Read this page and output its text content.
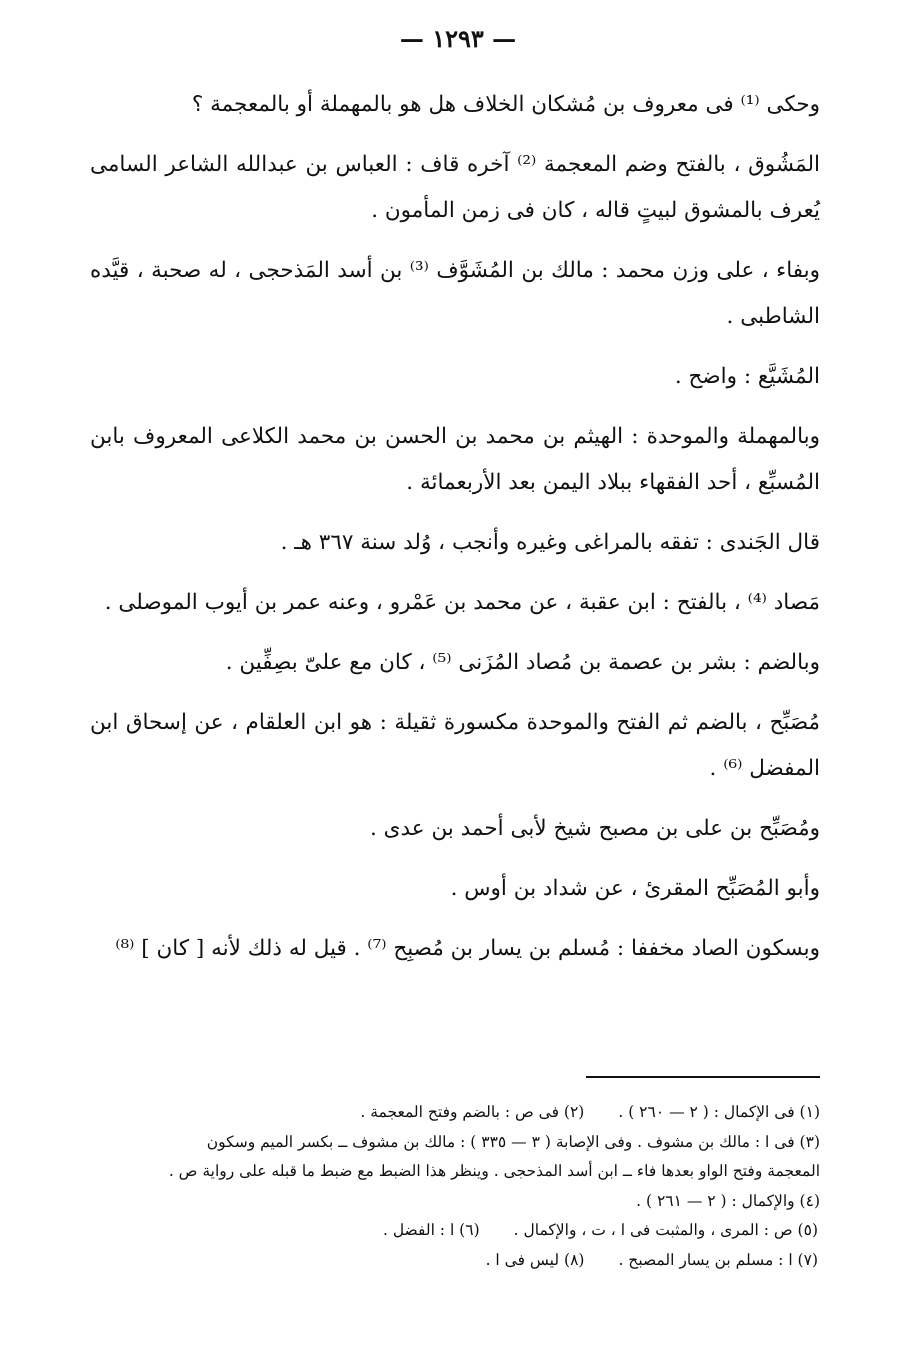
— ١٢٩٣ —

وحكى ⁽¹⁾ فى معروف بن مُشكان الخلاف هل هو بالمهملة أو بالمعجمة ؟

المَشُوق ، بالفتح وضم المعجمة ⁽²⁾ آخره قاف : العباس بن عبدالله الشاعر السامى يُعرف بالمشوق لبيتٍ قاله ، كان فى زمن المأمون .

وبفاء ، على وزن محمد : مالك بن المُشَوَّف ⁽³⁾ بن أسد المَذحجى ، له صحبة ، قيَّده الشاطبى .

المُشَيَّع : واضح .

وبالمهملة والموحدة : الهيثم بن محمد بن الحسن بن محمد الكلاعى المعروف بابن المُسبِّع ، أحد الفقهاء ببلاد اليمن بعد الأربعمائة .

قال الجَندى : تفقه بالمراغى وغيره وأنجب ، وُلد سنة ٣٦٧ هـ .

مَصاد ⁽⁴⁾ ، بالفتح : ابن عقبة ، عن محمد بن عَمْرو ، وعنه عمر بن أيوب الموصلى .

وبالضم : بشر بن عصمة بن مُصاد المُزَنى ⁽⁵⁾ ، كان مع علىّ بصِفِّين .

مُصَبِّح ، بالضم ثم الفتح والموحدة مكسورة ثقيلة : هو ابن العلقام ، عن إسحاق ابن المفضل ⁽⁶⁾ .

ومُصَبِّح بن على بن مصبح شيخ لأبى أحمد بن عدى .

وأبو المُصَبِّح المقرئ ، عن شداد بن أوس .

وبسكون الصاد مخففا : مُسلم بن يسار بن مُصبِح ⁽⁷⁾ . قيل له ذلك لأنه [ كان ] ⁽⁸⁾

(١) فى الإكمال : ( ٢ — ٢٦٠ ) .(٢) فى ص : بالضم وفتح المعجمة .
(٣) فى ا : مالك بن مشوف . وفى الإصابة ( ٣ — ٣٣٥ ) : مالك بن مشوف ــ بكسر الميم وسكون
المعجمة وفتح الواو بعدها فاء ــ ابن أسد المذحجى . وينظر هذا الضبط مع ضبط ما قبله على رواية ص .
(٤) والإكمال : ( ٢ — ٢٦١ ) .
(٥) ص : المرى ، والمثبت فى ا ، ت ، والإكمال .(٦) ا : الفضل .
(٧) ا : مسلم بن يسار المصبح .(٨) ليس فى ا .
